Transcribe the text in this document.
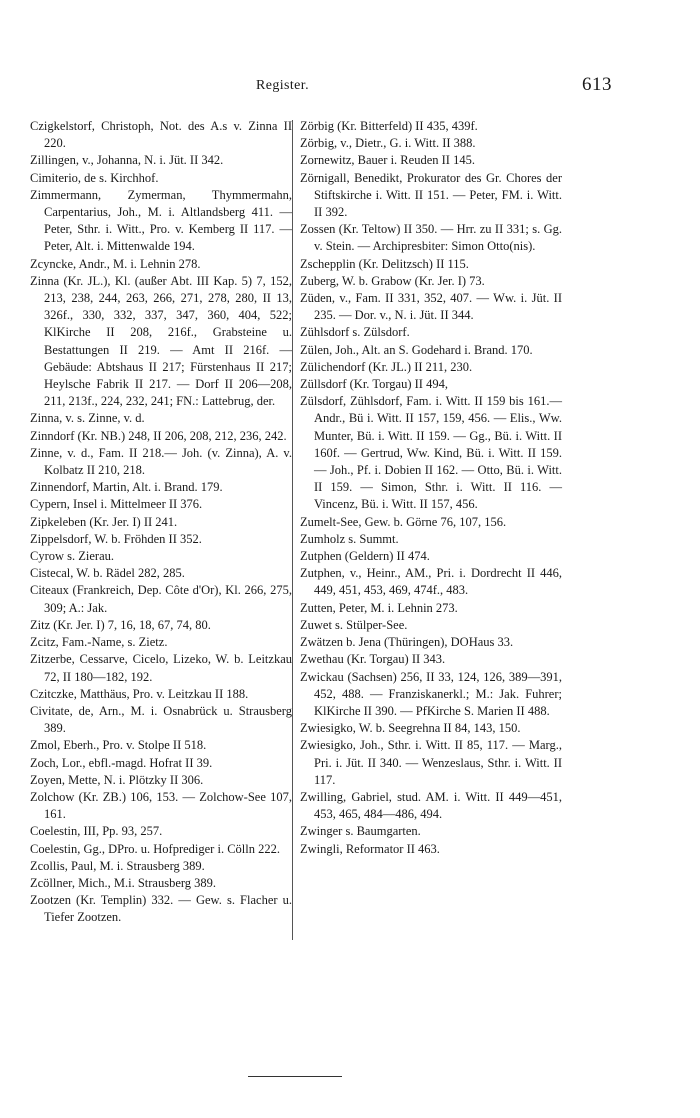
Register.	613

Czigkelstorf, Christoph, Not. des A.s v. Zinna II 220.

Zillingen, v., Johanna, N. i. Jüt. II 342.

Cimiterio, de s. Kirchhof.

Zimmermann, Zymerman, Thymmermahn, Carpentarius, Joh., M. i. Altlandsberg 411. — Peter, Sthr. i. Witt., Pro. v. Kemberg II 117. — Peter, Alt. i. Mittenwalde 194.

Zcyncke, Andr., M. i. Lehnin 278.

Zinna (Kr. JL.), Kl. (außer Abt. III Kap. 5) 7, 152, 213, 238, 244, 263, 266, 271, 278, 280, II 13, 326f., 330, 332, 337, 347, 360, 404, 522; KlKirche II 208, 216f., Grabsteine u. Bestattungen II 219. — Amt II 216f. — Gebäude: Abtshaus II 217; Fürstenhaus II 217; Heylsche Fabrik II 217. — Dorf II 206—208, 211, 213f., 224, 232, 241; FN.: Lattebrug, der.

Zinna, v. s. Zinne, v. d.

Zinndorf (Kr. NB.) 248, II 206, 208, 212, 236, 242.

Zinne, v. d., Fam. II 218.— Joh. (v. Zinna), A. v. Kolbatz II 210, 218.

Zinnendorf, Martin, Alt. i. Brand. 179.

Cypern, Insel i. Mittelmeer II 376.

Zipkeleben (Kr. Jer. I) II 241.

Zippelsdorf, W. b. Fröhden II 352.

Cyrow s. Zierau.

Cistecal, W. b. Rädel 282, 285.

Citeaux (Frankreich, Dep. Côte d'Or), Kl. 266, 275, 309; A.: Jak.

Zitz (Kr. Jer. I) 7, 16, 18, 67, 74, 80.

Zcitz, Fam.-Name, s. Zietz.

Zitzerbe, Cessarve, Cicelo, Lizeko, W. b. Leitzkau 72, II 180—182, 192.

Czitczke, Matthäus, Pro. v. Leitzkau II 188.

Civitate, de, Arn., M. i. Osnabrück u. Strausberg 389.

Zmol, Eberh., Pro. v. Stolpe II 518.

Zoch, Lor., ebfl.-magd. Hofrat II 39.

Zoyen, Mette, N. i. Plötzky II 306.

Zolchow (Kr. ZB.) 106, 153. — Zolchow-See 107, 161.

Coelestin, III, Pp. 93, 257.

Coelestin, Gg., DPro. u. Hofprediger i. Cölln 222.

Zcollis, Paul, M. i. Strausberg 389.

Zcöllner, Mich., M.i. Strausberg 389.

Zootzen (Kr. Templin) 332. — Gew. s. Flacher u. Tiefer Zootzen.

Zörbig (Kr. Bitterfeld) II 435, 439f.

Zörbig, v., Dietr., G. i. Witt. II 388.

Zornewitz, Bauer i. Reuden II 145.

Zörnigall, Benedikt, Prokurator des Gr. Chores der Stiftskirche i. Witt. II 151. — Peter, FM. i. Witt. II 392.

Zossen (Kr. Teltow) II 350. — Hrr. zu II 331; s. Gg. v. Stein. — Archipresbiter: Simon Otto(nis).

Zschepplin (Kr. Delitzsch) II 115.

Zuberg, W. b. Grabow (Kr. Jer. I) 73.

Züden, v., Fam. II 331, 352, 407. — Ww. i. Jüt. II 235. — Dor. v., N. i. Jüt. II 344.

Zühlsdorf s. Zülsdorf.

Zülen, Joh., Alt. an S. Godehard i. Brand. 170.

Zülichendorf (Kr. JL.) II 211, 230.

Züllsdorf (Kr. Torgau) II 494,

Zülsdorf, Zühlsdorf, Fam. i. Witt. II 159 bis 161.— Andr., Bü i. Witt. II 157, 159, 456. — Elis., Ww. Munter, Bü. i. Witt. II 159. — Gg., Bü. i. Witt. II 160f. — Gertrud, Ww. Kind, Bü. i. Witt. II 159. — Joh., Pf. i. Dobien II 162. — Otto, Bü. i. Witt. II 159. — Simon, Sthr. i. Witt. II 116. — Vincenz, Bü. i. Witt. II 157, 456.

Zumelt-See, Gew. b. Görne 76, 107, 156.

Zumholz s. Summt.

Zutphen (Geldern) II 474.

Zutphen, v., Heinr., AM., Pri. i. Dordrecht II 446, 449, 451, 453, 469, 474f., 483.

Zutten, Peter, M. i. Lehnin 273.

Zuwet s. Stülper-See.

Zwätzen b. Jena (Thüringen), DOHaus 33.

Zwethau (Kr. Torgau) II 343.

Zwickau (Sachsen) 256, II 33, 124, 126, 389—391, 452, 488. — Franziskanerkl.; M.: Jak. Fuhrer; KlKirche II 390. — PfKirche S. Marien II 488.

Zwiesigko, W. b. Seegrehna II 84, 143, 150.

Zwiesigko, Joh., Sthr. i. Witt. II 85, 117. — Marg., Pri. i. Jüt. II 340. — Wenzeslaus, Sthr. i. Witt. II 117.

Zwilling, Gabriel, stud. AM. i. Witt. II 449—451, 453, 465, 484—486, 494.

Zwinger s. Baumgarten.

Zwingli, Reformator II 463.
